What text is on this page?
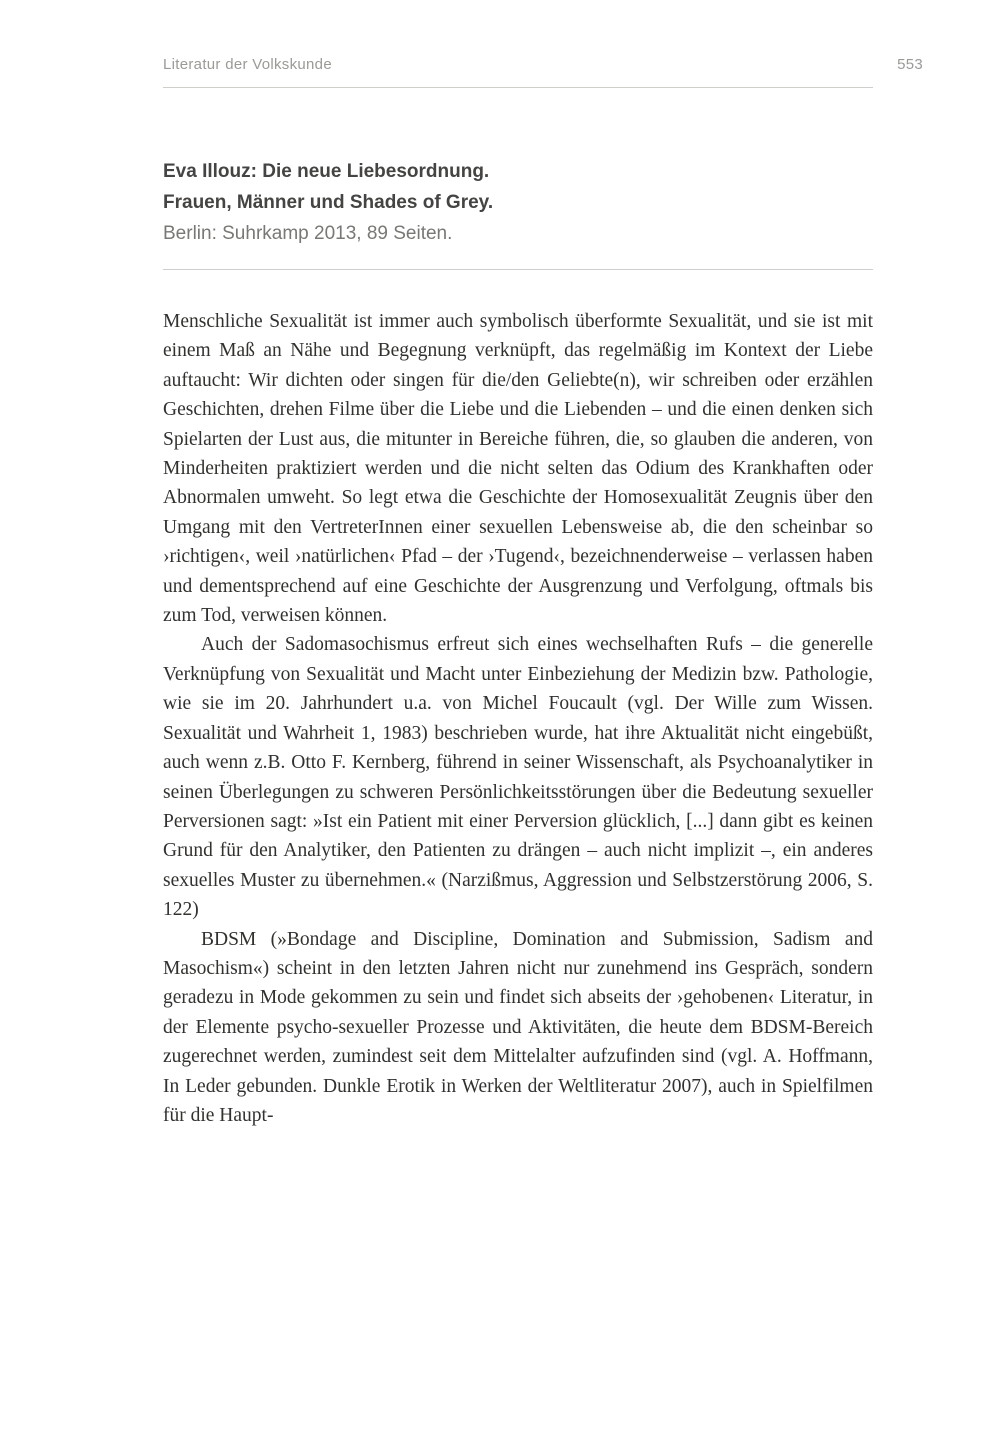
Literatur der Volkskunde	553

Eva Illouz: Die neue Liebesordnung.

Frauen, Männer und Shades of Grey.

Berlin: Suhrkamp 2013, 89 Seiten.

Menschliche Sexualität ist immer auch symbolisch überformte Sexualität, und sie ist mit einem Maß an Nähe und Begegnung verknüpft, das regelmäßig im Kontext der Liebe auftaucht: Wir dichten oder singen für die/den Geliebte(n), wir schreiben oder erzählen Geschichten, drehen Filme über die Liebe und die Liebenden – und die einen denken sich Spielarten der Lust aus, die mitunter in Bereiche führen, die, so glauben die anderen, von Minderheiten praktiziert werden und die nicht selten das Odium des Krankhaften oder Abnormalen umweht. So legt etwa die Geschichte der Homosexualität Zeugnis über den Umgang mit den VertreterInnen einer sexuellen Lebensweise ab, die den scheinbar so ›richtigen‹, weil ›natürlichen‹ Pfad – der ›Tugend‹, bezeichnenderweise – verlassen haben und dementsprechend auf eine Geschichte der Ausgrenzung und Verfolgung, oftmals bis zum Tod, verweisen können.

Auch der Sadomasochismus erfreut sich eines wechselhaften Rufs – die generelle Verknüpfung von Sexualität und Macht unter Einbeziehung der Medizin bzw. Pathologie, wie sie im 20. Jahrhundert u.a. von Michel Foucault (vgl. Der Wille zum Wissen. Sexualität und Wahrheit 1, 1983) beschrieben wurde, hat ihre Aktualität nicht eingebüßt, auch wenn z.B. Otto F. Kernberg, führend in seiner Wissenschaft, als Psychoanalytiker in seinen Überlegungen zu schweren Persönlichkeitsstörungen über die Bedeutung sexueller Perversionen sagt: »Ist ein Patient mit einer Perversion glücklich, [...] dann gibt es keinen Grund für den Analytiker, den Patienten zu drängen – auch nicht implizit –, ein anderes sexuelles Muster zu übernehmen.« (Narzißmus, Aggression und Selbstzerstörung 2006, S. 122)

BDSM (»Bondage and Discipline, Domination and Submission, Sadism and Masochism«) scheint in den letzten Jahren nicht nur zunehmend ins Gespräch, sondern geradezu in Mode gekommen zu sein und findet sich abseits der ›gehobenen‹ Literatur, in der Elemente psycho-sexueller Prozesse und Aktivitäten, die heute dem BDSM-Bereich zugerechnet werden, zumindest seit dem Mittelalter aufzufinden sind (vgl. A. Hoffmann, In Leder gebunden. Dunkle Erotik in Werken der Weltliteratur 2007), auch in Spielfilmen für die Haupt-
